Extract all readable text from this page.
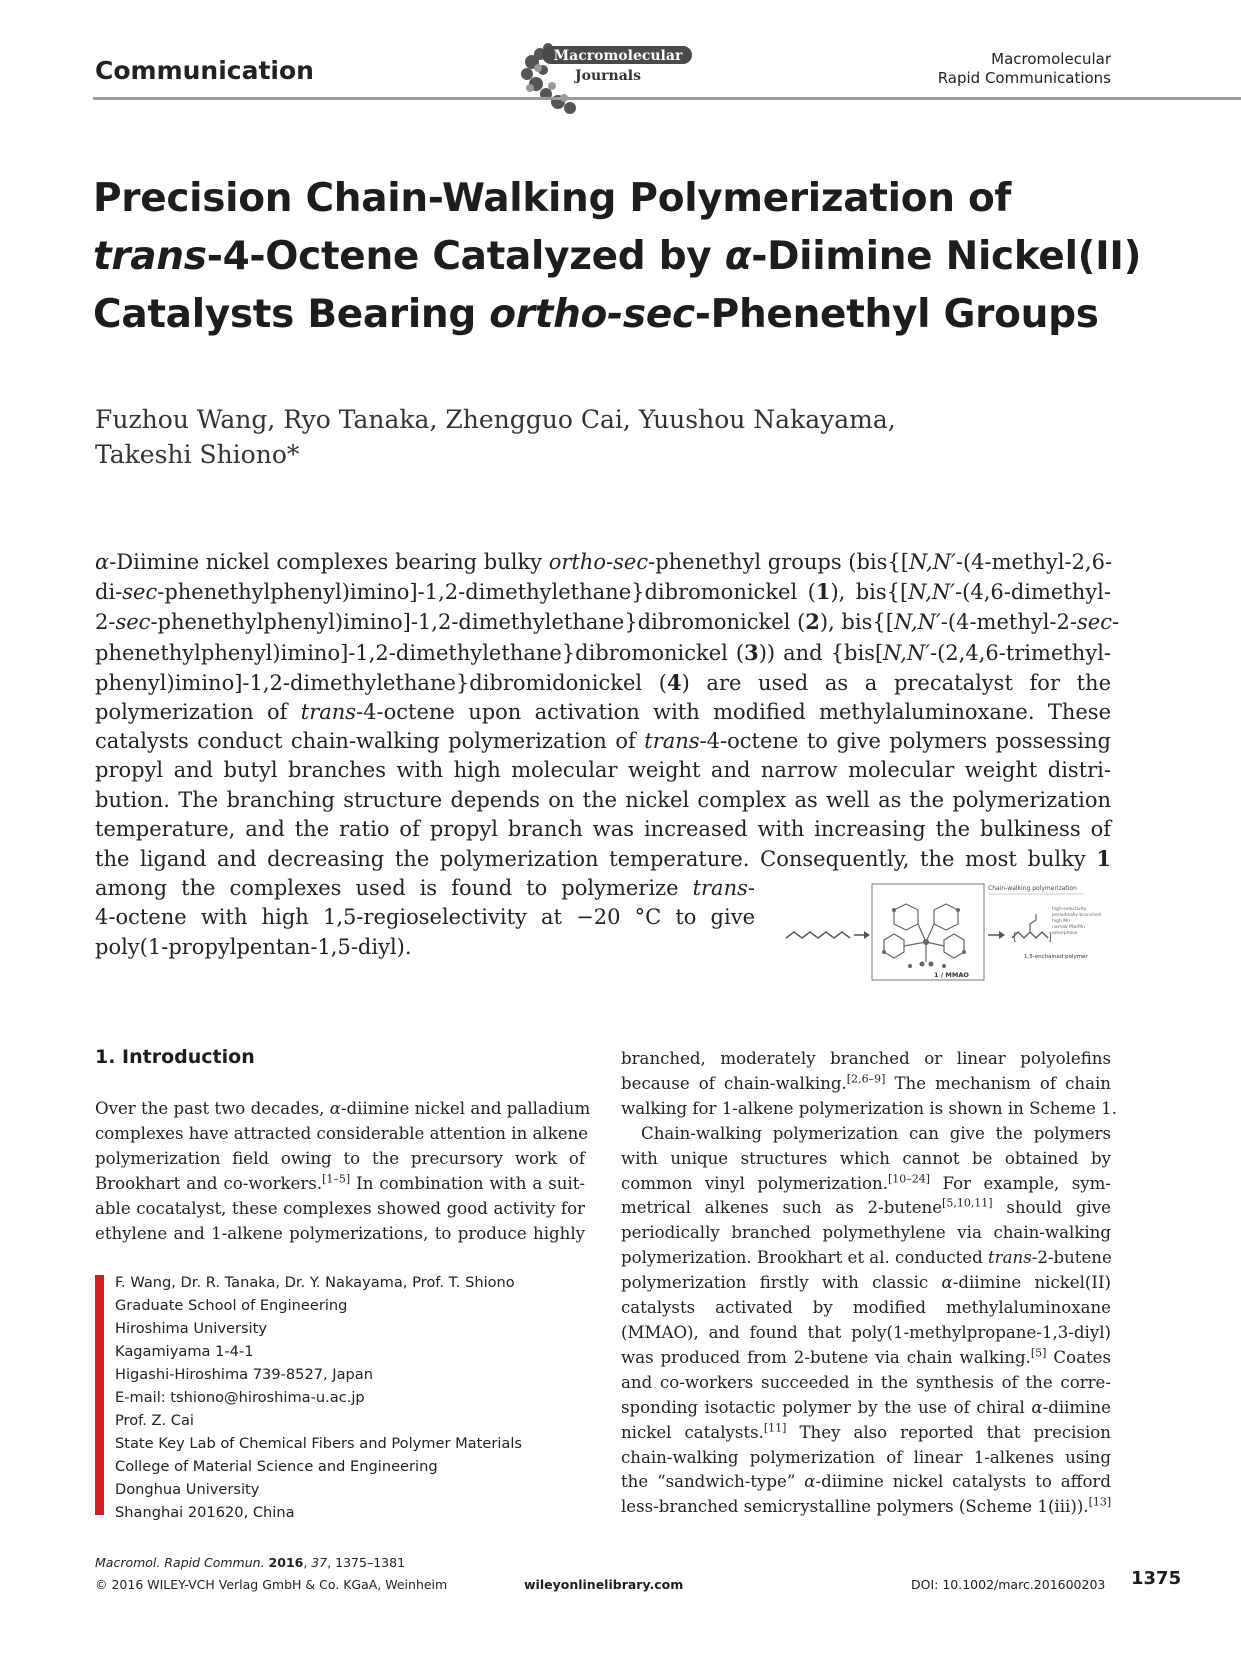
Communication	Macromolecular
Journals
Macromolecular
Rapid Communications
Precision Chain-Walking Polymerization of
trans-4-Octene Catalyzed by α-Diimine Nickel(II)
Catalysts Bearing ortho-sec-Phenethyl Groups
Fuzhou Wang, Ryo Tanaka, Zhengguo Cai, Yuushou Nakayama,
Takeshi Shiono*
α-Diimine nickel complexes bearing bulky ortho-sec-phenethyl groups (bis{[N,N′-(4-methyl-2,6-
di-sec-phenethylphenyl)imino]-1,2-dimethylethane}dibromonickel (1), bis{[N,N′-(4,6-dimethyl-
2-sec-phenethylphenyl)imino]-1,2-dimethylethane}dibromonickel (2), bis{[N,N′-(4-methyl-2-sec-
phenethylphenyl)imino]-1,2-dimethylethane}dibromonickel (3)) and {bis[N,N′-(2,4,6-trimethyl-
phenyl)imino]-1,2-dimethylethane}dibromidonickel (4) are used as a precatalyst for the
polymerization of trans-4-octene upon activation with modified methylaluminoxane. These
catalysts conduct chain-walking polymerization of trans-4-octene to give polymers possessing
propyl and butyl branches with high molecular weight and narrow molecular weight distri-
bution. The branching structure depends on the nickel complex as well as the polymerization
temperature, and the ratio of propyl branch was increased with increasing the bulkiness of
the ligand and decreasing the polymerization temperature. Consequently, the most bulky 1
among the complexes used is found to polymerize trans-
4-octene with high 1,5-regioselectivity at −20 °C to give
poly(1-propylpentan-1,5-diyl).
1 / MMAO
Chain-walking polymerization
[	]
high-selectivity
periodically branched
high Mn
narrow Mw/Mn
amorphous
1,5-enchained polymer
1. Introduction
Over the past two decades, α-diimine nickel and palladium
complexes have attracted considerable attention in alkene
polymerization field owing to the precursory work of
Brookhart and co-workers.[1–5] In combination with a suit-
able cocatalyst, these complexes showed good activity for
ethylene and 1-alkene polymerizations, to produce highly
branched, moderately branched or linear polyolefins
because of chain-walking.[2,6–9] The mechanism of chain
walking for 1-alkene polymerization is shown in Scheme 1.
Chain-walking polymerization can give the polymers
with unique structures which cannot be obtained by
common vinyl polymerization.[10–24] For example, sym-
metrical alkenes such as 2-butene[5,10,11] should give
periodically branched polymethylene via chain-walking
polymerization. Brookhart et al. conducted trans-2-butene
polymerization firstly with classic α-diimine nickel(II)
catalysts activated by modified methylaluminoxane
(MMAO), and found that poly(1-methylpropane-1,3-diyl)
was produced from 2-butene via chain walking.[5] Coates
and co-workers succeeded in the synthesis of the corre-
sponding isotactic polymer by the use of chiral α-diimine
nickel catalysts.[11] They also reported that precision
chain-walking polymerization of linear 1-alkenes using
the “sandwich-type” α-diimine nickel catalysts to afford
less-branched semicrystalline polymers (Scheme 1(iii)).[13]
F. Wang, Dr. R. Tanaka, Dr. Y. Nakayama, Prof. T. Shiono
Graduate School of Engineering
Hiroshima University
Kagamiyama 1-4-1
Higashi-Hiroshima 739-8527, Japan
E-mail: tshiono@hiroshima-u.ac.jp
Prof. Z. Cai
State Key Lab of Chemical Fibers and Polymer Materials
College of Material Science and Engineering
Donghua University
Shanghai 201620, China
Macromol. Rapid Commun. 2016, 37, 1375–1381
© 2016 WILEY-VCH Verlag GmbH & Co. KGaA, Weinheim	wileyonlinelibrary.com	DOI: 10.1002/marc.201600203 1375
